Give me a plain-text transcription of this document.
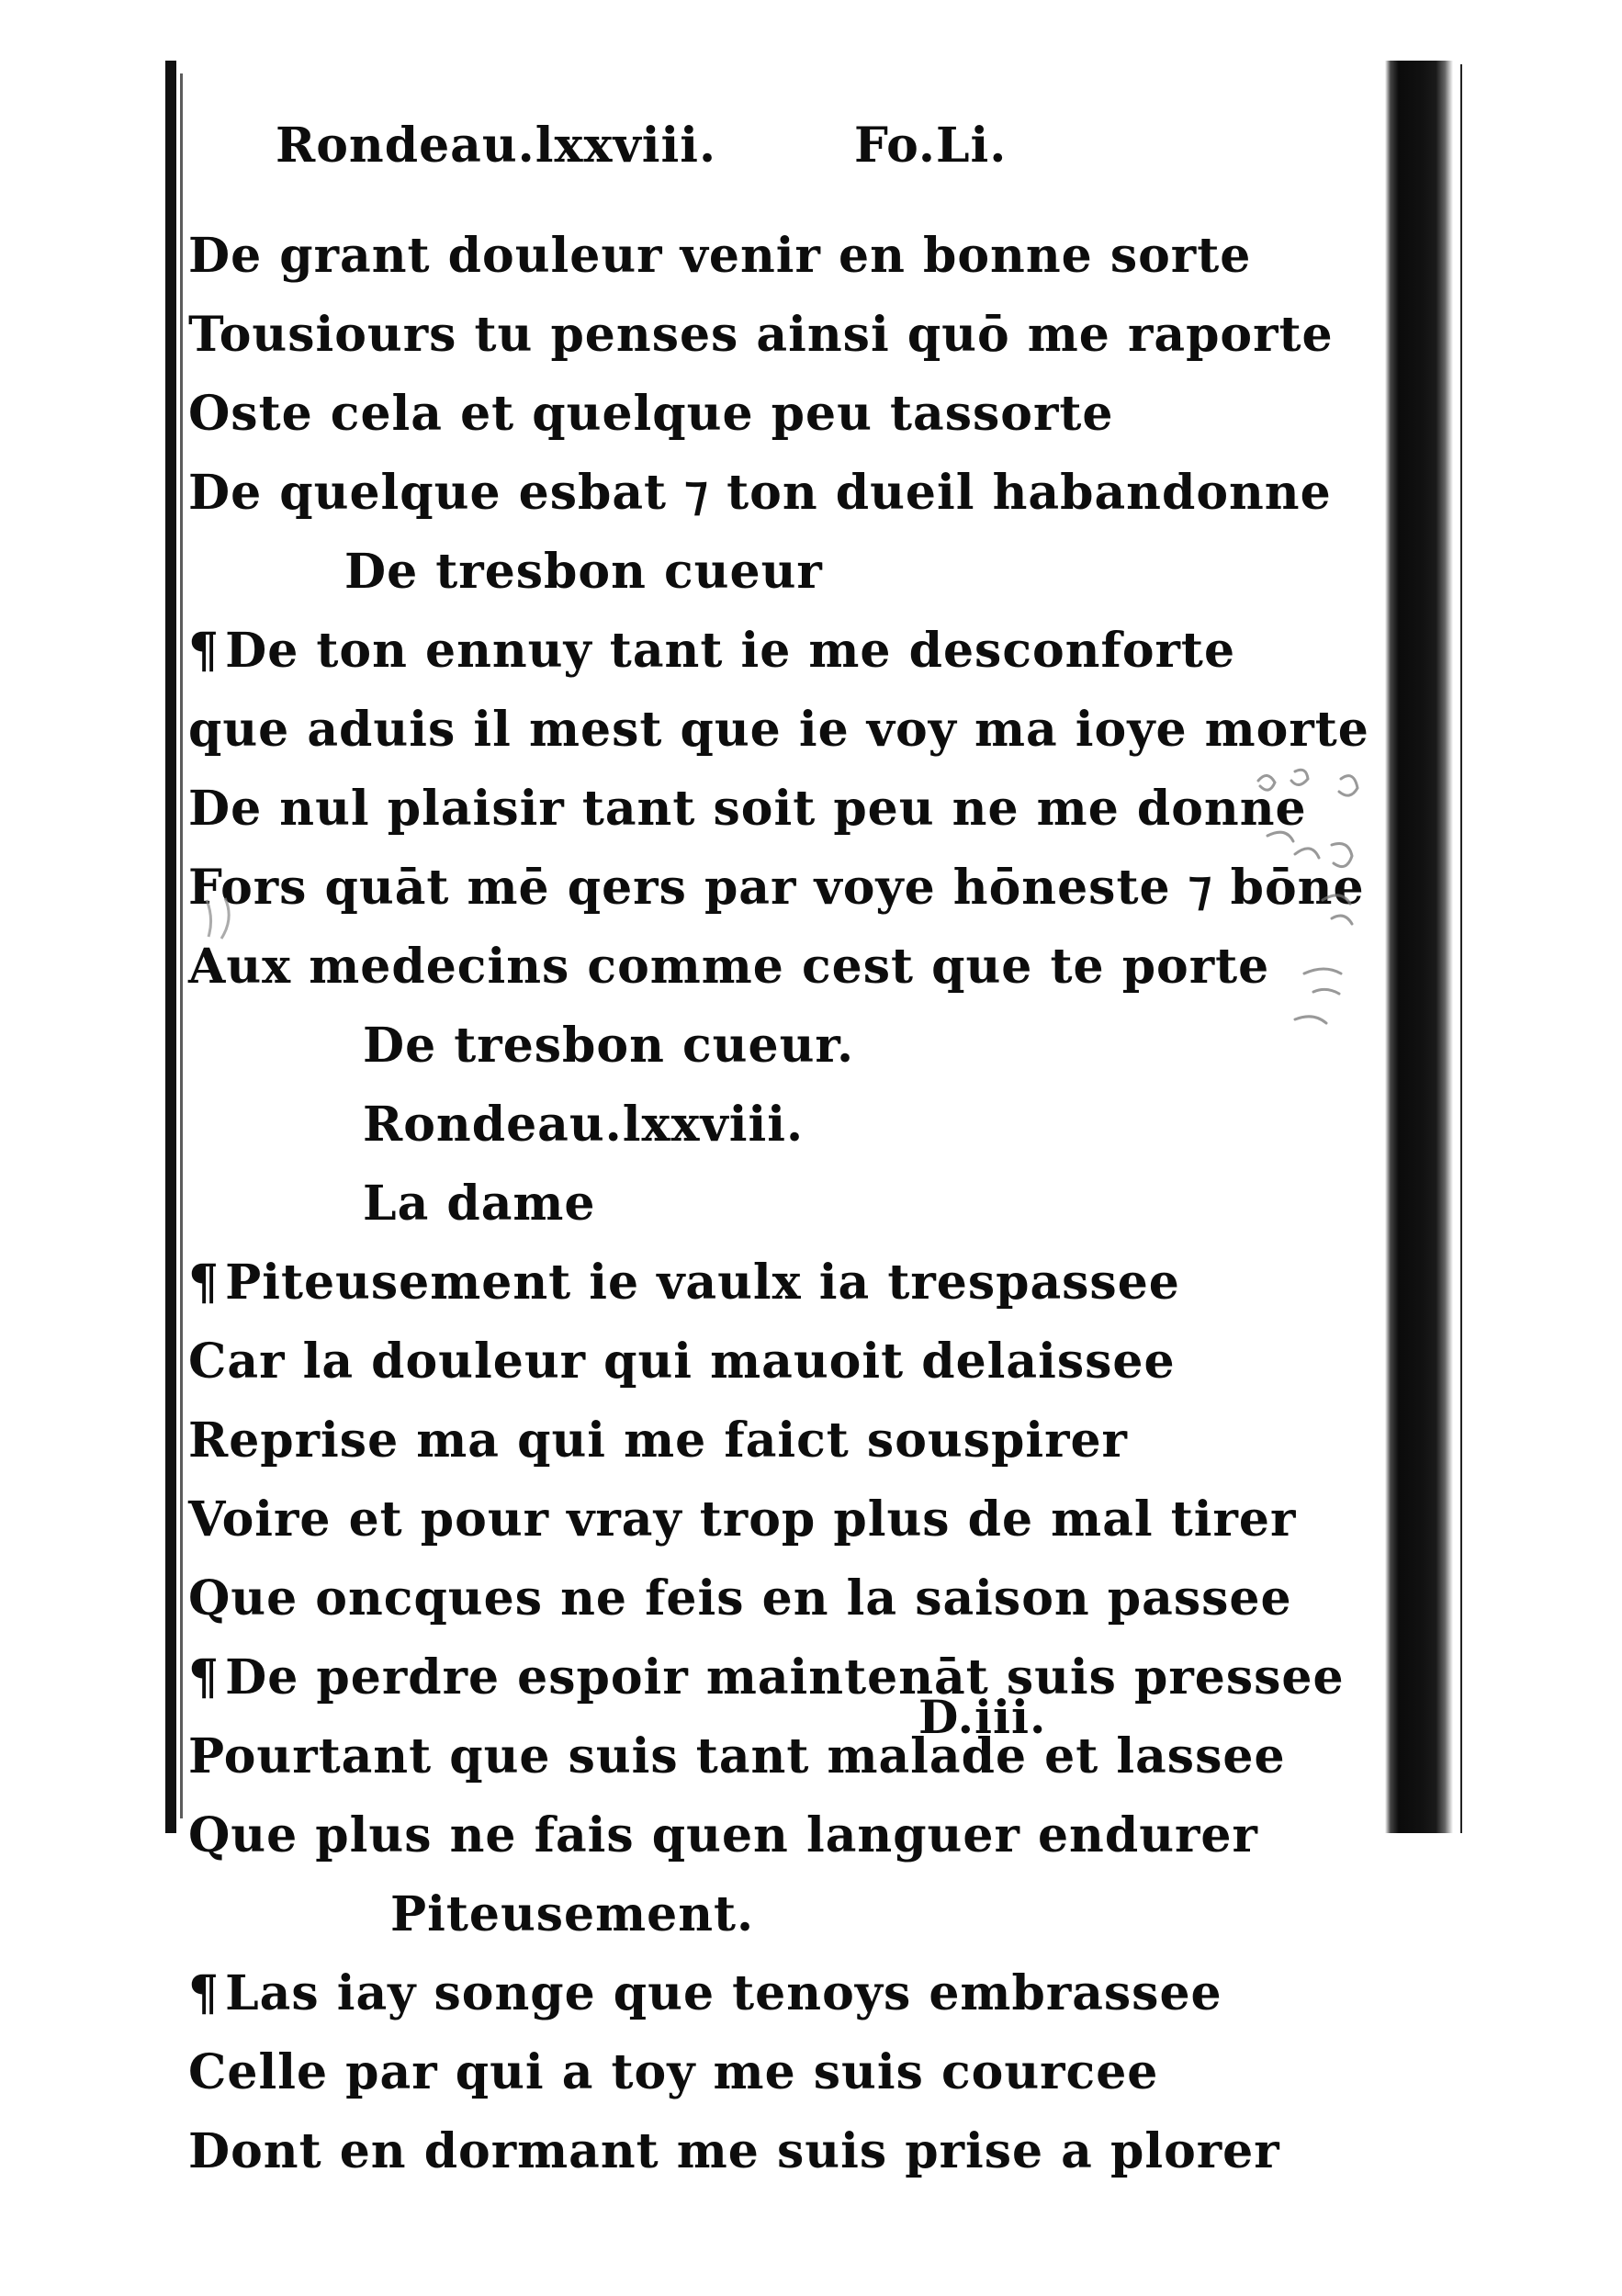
Rondeau.lxxviii.	Fo.Li.
De grant douleur venir en bonne sorte
Tousiours tu penses ainsi quō me raporte
Oste cela et quelque peu tassorte
De quelque esbat ⁊ ton dueil habandonne
De tresbon cueur
¶ De ton ennuy tant ie me desconforte
que aduis il mest que ie voy ma ioye morte
De nul plaisir tant soit peu ne me donne
Fors quāt mē qers par voye hōneste ⁊ bōne
Aux medecins comme cest que te porte
De tresbon cueur.
Rondeau.lxxviii.
La dame
¶ Piteusement ie vaulx ia trespassee
Car la douleur qui mauoit delaissee
Reprise ma qui me faict souspirer
Voire et pour vray trop plus de mal tirer
Que oncques ne feis en la saison passee
¶ De perdre espoir maintenāt suis pressee
Pourtant que suis tant malade et lassee
Que plus ne fais quen languer endurer
Piteusement.
¶ Las iay songe que tenoys embrassee
Celle par qui a toy me suis courcee
Dont en dormant me suis prise a plorer
D.iii.
